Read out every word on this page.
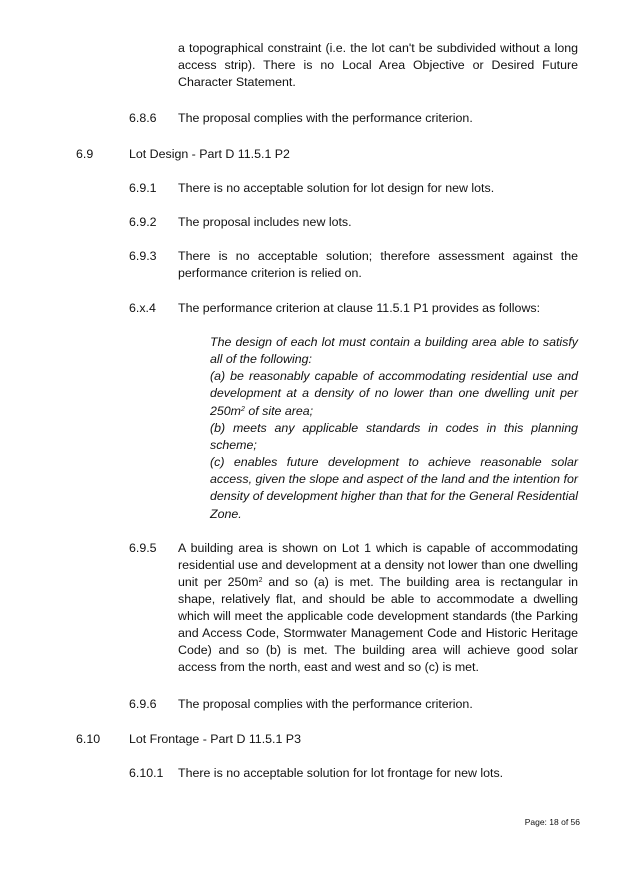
a topographical constraint (i.e. the lot can't be subdivided without a long access strip). There is no Local Area Objective or Desired Future Character Statement.
6.8.6 The proposal complies with the performance criterion.
6.9	Lot Design - Part D 11.5.1 P2
6.9.1 There is no acceptable solution for lot design for new lots.
6.9.2 The proposal includes new lots.
6.9.3 There is no acceptable solution; therefore assessment against the performance criterion is relied on.
6.x.4 The performance criterion at clause 11.5.1 P1 provides as follows:

The design of each lot must contain a building area able to satisfy all of the following:

(a) be reasonably capable of accommodating residential use and development at a density of no lower than one dwelling unit per $250m^2$ of site area;

(b) meets any applicable standards in codes in this planning scheme;

(c) enables future development to achieve reasonable solar access, given the slope and aspect of the land and the intention for density of development higher than that for the General Residential Zone.

6.9.5 A building area is shown on Lot 1 which is capable of accommodating residential use and development at a density not lower than one dwelling unit per $250m^2$ and so (a) is met. The building area is rectangular in shape, relatively flat, and should be able to accommodate a dwelling which will meet the applicable code development standards (the Parking and Access Code, Stormwater Management Code and Historic Heritage Code) and so (b) is met. The building area will achieve good solar access from the north, east and west and so (c) is met.
6.9.6 The proposal complies with the performance criterion.
6.10 Lot Frontage - Part D 11.5.1 P3
6.10.1 There is no acceptable solution for lot frontage for new lots.
Page: 18 of 56
